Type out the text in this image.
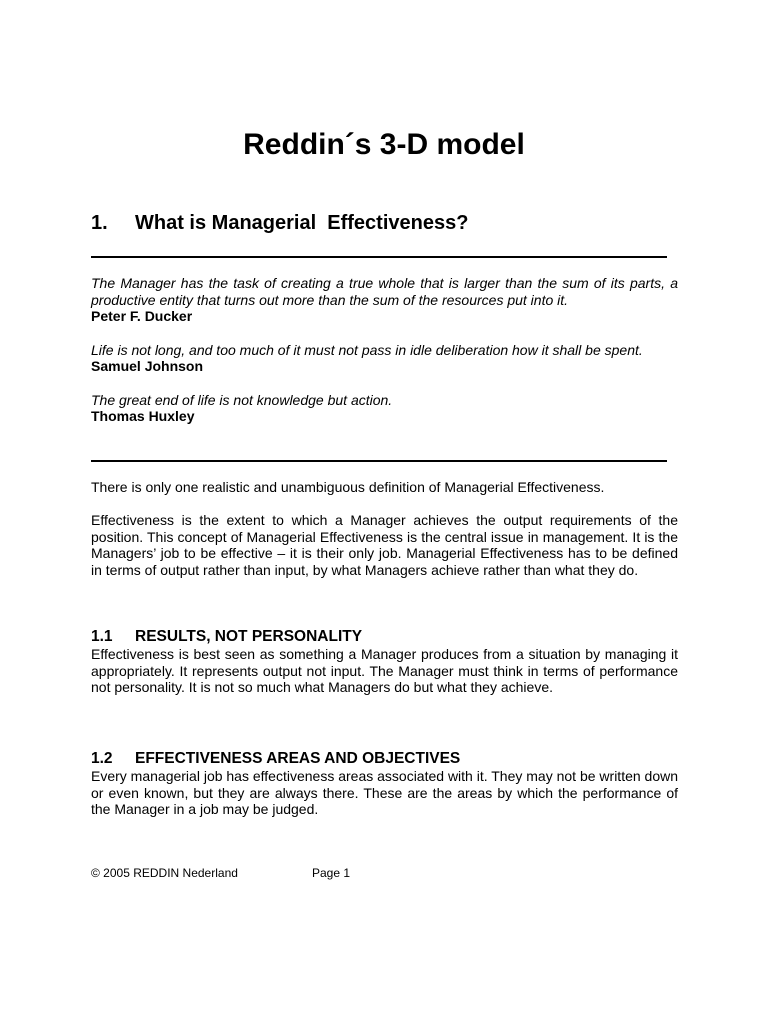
Reddin´s 3-D model
1. What is Managerial  Effectiveness?

The Manager has the task of creating a true whole that is larger than the sum of its parts, a productive entity that turns out more than the sum of the resources put into it.

Peter F. Ducker

Life is not long, and too much of it must not pass in idle deliberation how it shall be spent.

Samuel Johnson

The great end of life is not knowledge but action.

Thomas Huxley

There is only one realistic and unambiguous definition of Managerial Effectiveness.

Effectiveness is the extent to which a Manager achieves the output requirements of the position. This concept of Managerial Effectiveness is the central issue in management. It is the Managers’ job to be effective – it is their only job. Managerial Effectiveness has to be defined in terms of output rather than input, by what Managers achieve rather than what they do.

1.1 RESULTS, NOT PERSONALITY

Effectiveness is best seen as something a Manager produces from a situation by managing it appropriately. It represents output not input. The Manager must think in terms of performance not personality. It is not so much what Managers do but what they achieve.

1.2 EFFECTIVENESS AREAS AND OBJECTIVES

Every managerial job has effectiveness areas associated with it. They may not be written down or even known, but they are always there. These are the areas by which the performance of the Manager in a job may be judged.

© 2005 REDDIN Nederland	Page 1
